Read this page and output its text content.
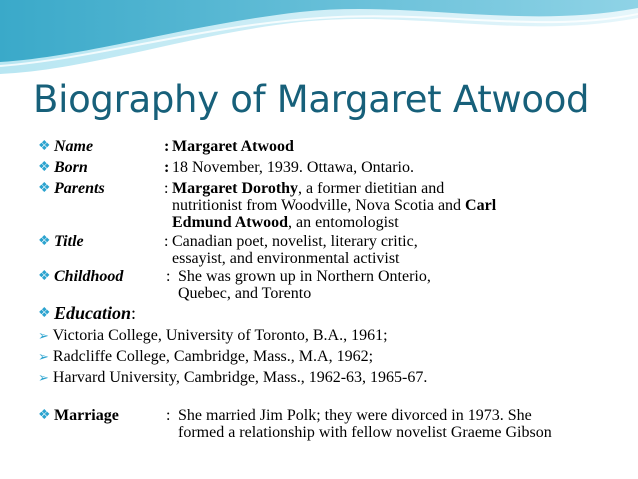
Biography of Margaret Atwood
❖ Name	: Margaret Atwood
❖ Born	: 18 November, 1939. Ottawa, Ontario.
❖ Parents	: Margaret Dorothy, a former dietitian and
nutritionist from Woodville, Nova Scotia and Carl
Edmund Atwood, an entomologist
❖ Title	: Canadian poet, novelist, literary critic,
essayist, and environmental activist
❖ Childhood	: She was grown up in Northern Onterio,
Quebec, and Torento
❖ Education:
➢ Victoria College, University of Toronto, B.A., 1961;
➢ Radcliffe College, Cambridge, Mass., M.A, 1962;
➢ Harvard University, Cambridge, Mass., 1962-63, 1965-67.
❖ Marriage	: She married Jim Polk; they were divorced in 1973. She
formed a relationship with fellow novelist Graeme Gibson
